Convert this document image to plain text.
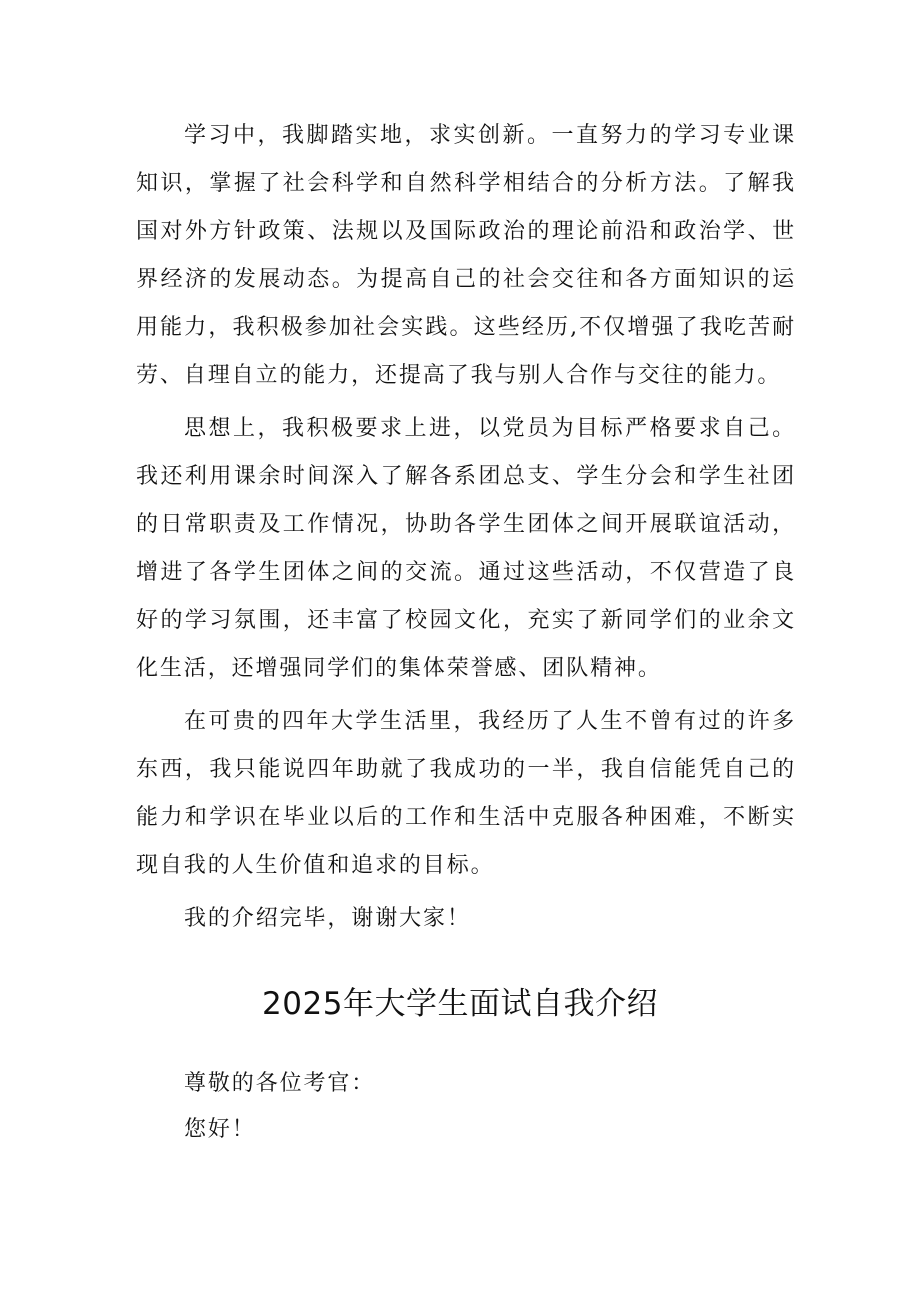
学习中，我脚踏实地，求实创新。一直努力的学习专业课知识，掌握了社会科学和自然科学相结合的分析方法。了解我国对外方针政策、法规以及国际政治的理论前沿和政治学、世界经济的发展动态。为提高自己的社会交往和各方面知识的运用能力，我积极参加社会实践。这些经历,不仅增强了我吃苦耐劳、自理自立的能力，还提高了我与别人合作与交往的能力。

思想上，我积极要求上进，以党员为目标严格要求自己。我还利用课余时间深入了解各系团总支、学生分会和学生社团的日常职责及工作情况，协助各学生团体之间开展联谊活动，增进了各学生团体之间的交流。通过这些活动，不仅营造了良好的学习氛围，还丰富了校园文化，充实了新同学们的业余文化生活，还增强同学们的集体荣誉感、团队精神。

在可贵的四年大学生活里，我经历了人生不曾有过的许多东西，我只能说四年助就了我成功的一半，我自信能凭自己的能力和学识在毕业以后的工作和生活中克服各种困难，不断实现自我的人生价值和追求的目标。

我的介绍完毕，谢谢大家！

2025年大学生面试自我介绍
尊敬的各位考官：
您好！
